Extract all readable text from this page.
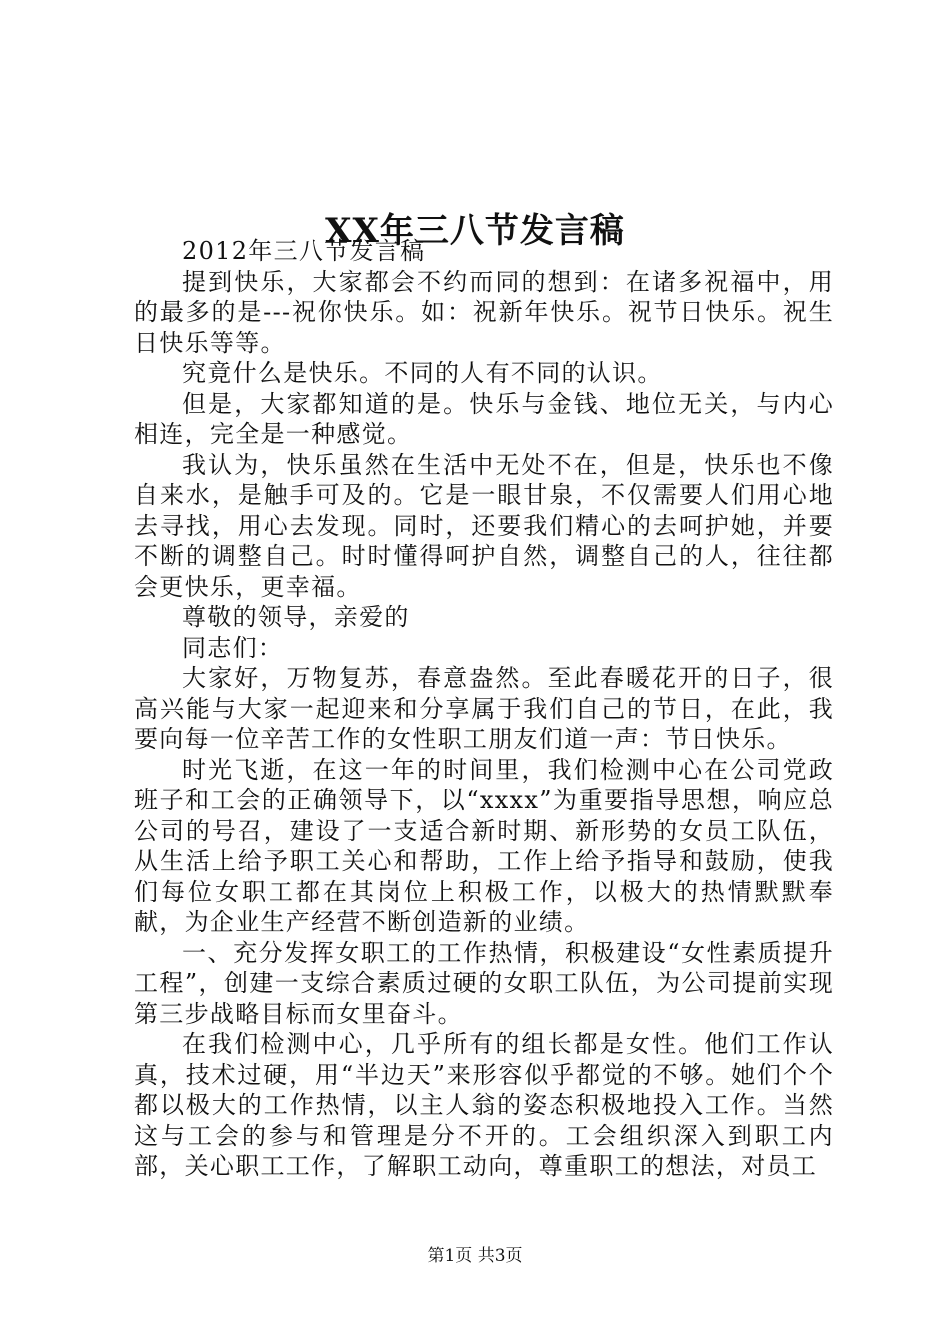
XX年三八节发言稿

2012年三八节发言稿

提到快乐，大家都会不约而同的想到：在诸多祝福中，用的最多的是---祝你快乐。如：祝新年快乐。祝节日快乐。祝生日快乐等等。

究竟什么是快乐。不同的人有不同的认识。

但是，大家都知道的是。快乐与金钱、地位无关，与内心相连，完全是一种感觉。

我认为，快乐虽然在生活中无处不在，但是，快乐也不像自来水，是触手可及的。它是一眼甘泉，不仅需要人们用心地去寻找，用心去发现。同时，还要我们精心的去呵护她，并要不断的调整自己。时时懂得呵护自然，调整自己的人，往往都会更快乐，更幸福。

尊敬的领导，亲爱的

同志们：

大家好，万物复苏，春意盎然。至此春暖花开的日子，很高兴能与大家一起迎来和分享属于我们自己的节日，在此，我要向每一位辛苦工作的女性职工朋友们道一声：节日快乐。

时光飞逝，在这一年的时间里，我们检测中心在公司党政班子和工会的正确领导下，以“xxxx”为重要指导思想，响应总公司的号召，建设了一支适合新时期、新形势的女员工队伍，从生活上给予职工关心和帮助，工作上给予指导和鼓励，使我们每位女职工都在其岗位上积极工作，以极大的热情默默奉献，为企业生产经营不断创造新的业绩。

一、充分发挥女职工的工作热情，积极建设“女性素质提升工程”，创建一支综合素质过硬的女职工队伍，为公司提前实现第三步战略目标而女里奋斗。

在我们检测中心，几乎所有的组长都是女性。他们工作认真，技术过硬，用“半边天”来形容似乎都觉的不够。她们个个都以极大的工作热情，以主人翁的姿态积极地投入工作。当然这与工会的参与和管理是分不开的。工会组织深入到职工内部，关心职工工作，了解职工动向，尊重职工的想法，对员工

第1页 共3页
